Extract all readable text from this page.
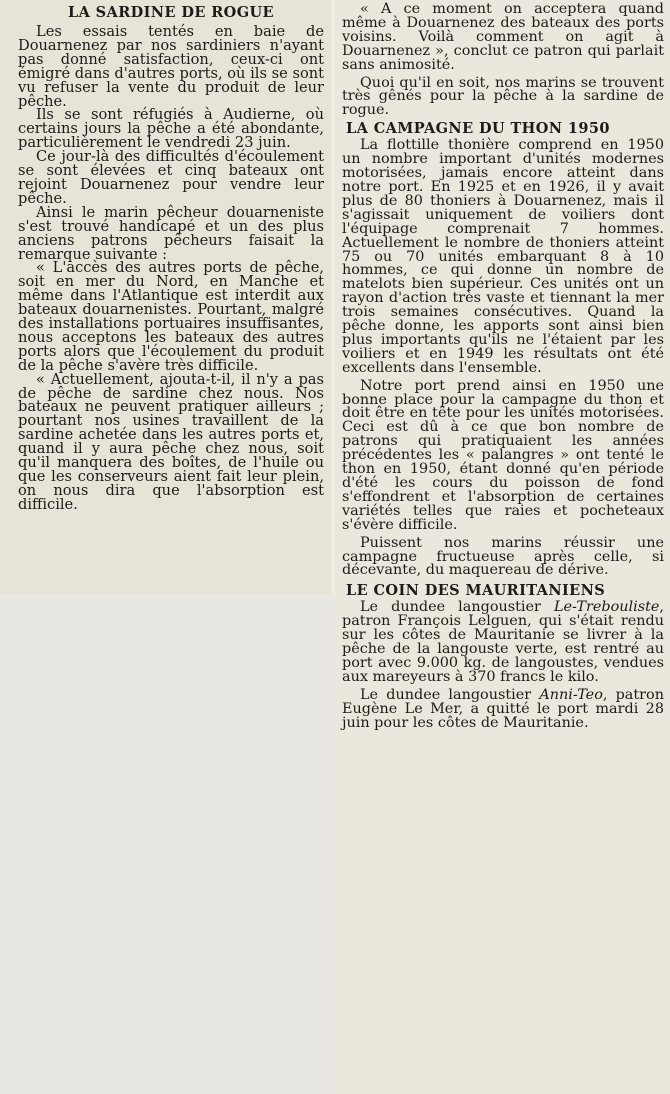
LA SARDINE DE ROGUE

Les essais tentés en baie de Douarnenez par nos sardiniers n'ayant pas donné satisfaction, ceux-ci ont émigré dans d'autres ports, où ils se sont vu refuser la vente du produit de leur pêche.

Ils se sont réfugiés à Audierne, où certains jours la pêche a été abondante, particulièrement le vendredi 23 juin.

Ce jour-là des difficultés d'écoulement se sont élevées et cinq bateaux ont rejoint Douarnenez pour vendre leur pêche.

Ainsi le marin pêcheur douarneniste s'est trouvé handicapé et un des plus anciens patrons pêcheurs faisait la remarque suivante :

« L'accès des autres ports de pêche, soit en mer du Nord, en Manche et même dans l'Atlantique est interdit aux bateaux douarnenistes. Pourtant, malgré des installations portuaires insuffisantes, nous acceptons les bateaux des autres ports alors que l'écoulement du produit de la pêche s'avère très difficile.

« Actuellement, ajouta-t-il, il n'y a pas de pêche de sardine chez nous. Nos bateaux ne peuvent pratiquer ailleurs ; pourtant nos usines travaillent de la sardine achetée dans les autres ports et, quand il y aura pêche chez nous, soit qu'il manquera des boîtes, de l'huile ou que les conserveurs aient fait leur plein, on nous dira que l'absorption est difficile.

« A ce moment on acceptera quand même à Douarnenez des bateaux des ports voisins. Voilà comment on agit à Douarnenez », conclut ce patron qui parlait sans animosité.

Quoi qu'il en soit, nos marins se trouvent très gênés pour la pêche à la sardine de rogue.

LA CAMPAGNE DU THON 1950

La flottille thonière comprend en 1950 un nombre important d'unités modernes motorisées, jamais encore atteint dans notre port. En 1925 et en 1926, il y avait plus de 80 thoniers à Douarnenez, mais il s'agissait uniquement de voiliers dont l'équipage comprenait 7 hommes. Actuellement le nombre de thoniers atteint 75 ou 70 unités embarquant 8 à 10 hommes, ce qui donne un nombre de matelots bien supérieur. Ces unités ont un rayon d'action très vaste et tiennant la mer trois semaines consécutives. Quand la pêche donne, les apports sont ainsi bien plus importants qu'ils ne l'étaient par les voiliers et en 1949 les résultats ont été excellents dans l'ensemble.

Notre port prend ainsi en 1950 une bonne place pour la campagne du thon et doit être en tête pour les unités motorisées. Ceci est dû à ce que bon nombre de patrons qui pratiquaient les années précédentes les « palangres » ont tenté le thon en 1950, étant donné qu'en période d'été les cours du poisson de fond s'effondrent et l'absorption de certaines variétés telles que raies et pocheteaux s'évère difficile.

Puissent nos marins réussir une campagne fructueuse après celle, si décevante, du maquereau de dérive.

LE COIN DES MAURITANIENS

Le dundee langoustier Le-Trebouliste, patron François Lelguen, qui s'était rendu sur les côtes de Mauritanie se livrer à la pêche de la langouste verte, est rentré au port avec 9.000 kg. de langoustes, vendues aux mareyeurs à 370 francs le kilo.

Le dundee langoustier Anni-Teo, patron Eugène Le Mer, a quitté le port mardi 28 juin pour les côtes de Mauritanie.
